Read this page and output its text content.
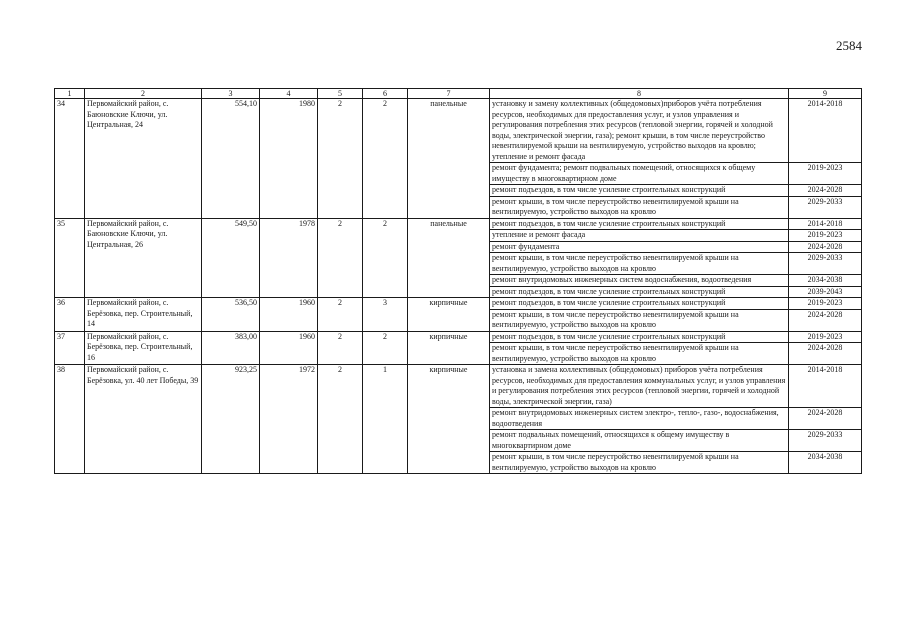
2584
1	2	3	4	5	6	7	8	9
34	Первомайский район, с. Баюновские Ключи, ул. Центральная, 24	554,10	1980	2	2	панельные	установку и замену коллективных (общедомовых)приборов учёта потребления ресурсов, необходимых для предоставления услуг, и узлов управления и регулирования потребления этих ресурсов (тепловой энергии, горячей и холодной воды, электрической энергии, газа); ремонт крыши, в том числе переустройство невентилируемой крыши на вентилируемую, устройство выходов на кровлю; утепление и ремонт фасада	2014-2018
							ремонт фундамента; ремонт подвальных помещений, относящихся к общему имуществу в многоквартирном доме	2019-2023
							ремонт подъездов, в том числе усиление строительных конструкций	2024-2028
							ремонт крыши, в том числе переустройство невентилируемой крыши на вентилируемую, устройство выходов на кровлю	2029-2033
35	Первомайский район, с. Баюновские Ключи, ул. Центральная, 26	549,50	1978	2	2	панельные	ремонт подъездов, в том числе усиление строительных конструкций	2014-2018
							утепление и ремонт фасада	2019-2023
							ремонт фундамента	2024-2028
							ремонт крыши, в том числе переустройство невентилируемой крыши на вентилируемую, устройство выходов на кровлю	2029-2033
							ремонт внутридомовых инженерных систем водоснабжения, водоотведения	2034-2038
							ремонт подъездов, в том числе усиление строительных конструкций	2039-2043
36	Первомайский район, с. Берёзовка, пер. Строительный, 14	536,50	1960	2	3	кирпичные	ремонт подъездов, в том числе усиление строительных конструкций	2019-2023
							ремонт крыши, в том числе переустройство невентилируемой крыши на вентилируемую, устройство выходов на кровлю	2024-2028
37	Первомайский район, с. Берёзовка, пер. Строительный, 16	383,00	1960	2	2	кирпичные	ремонт подъездов, в том числе усиление строительных конструкций	2019-2023
							ремонт крыши, в том числе переустройство невентилируемой крыши на вентилируемую, устройство выходов на кровлю	2024-2028
38	Первомайский район, с. Берёзовка, ул. 40 лет Победы, 39	923,25	1972	2	1	кирпичные	установка и замена коллективных (общедомовых) приборов учёта потребления ресурсов, необходимых для предоставления коммунальных услуг, и узлов управления и регулирования потребления этих ресурсов (тепловой энергии, горячей и холодной воды, электрической энергии, газа)	2014-2018
							ремонт внутридомовых инженерных систем электро-, тепло-, газо-, водоснабжения, водоотведения	2024-2028
							ремонт подвальных помещений, относящихся к общему имуществу в многоквартирном доме	2029-2033
							ремонт крыши, в том числе переустройство невентилируемой крыши на вентилируемую, устройство выходов на кровлю	2034-2038
